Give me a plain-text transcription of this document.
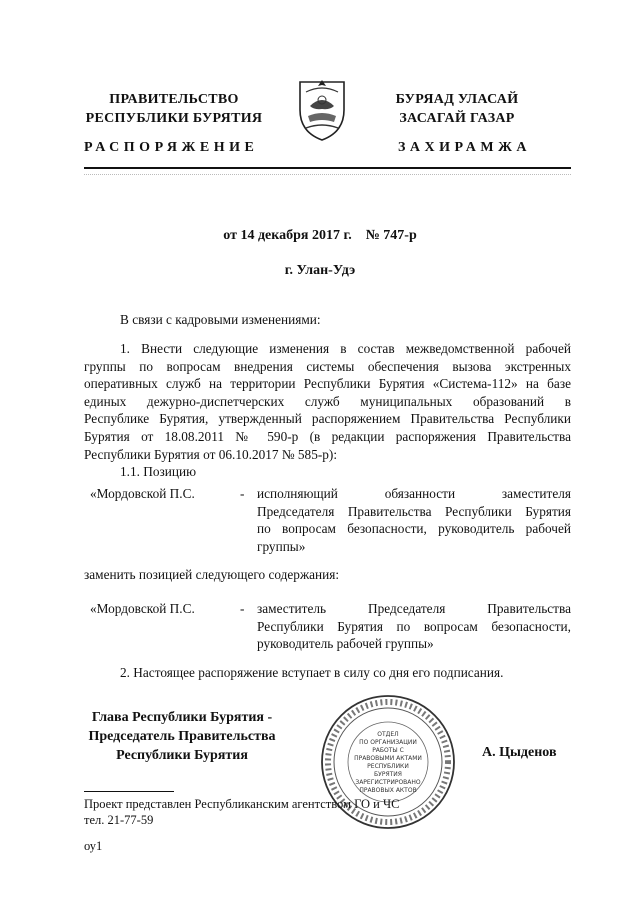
ПРАВИТЕЛЬСТВО
РЕСПУБЛИКИ БУРЯТИЯ
БУРЯАД УЛАСАЙ
ЗАСАГАЙ ГАЗАР
РАСПОРЯЖЕНИЕ	ЗАХИРАМЖА
от 14 декабря 2017 г.    № 747-р
г. Улан-Удэ
В связи с кадровыми изменениями:
1. Внести следующие изменения в состав межведомственной рабочей
группы по вопросам внедрения системы обеспечения вызова экстренных
оперативных служб на территории Республики Бурятия «Система-112» на базе
единых дежурно-диспетчерских служб муниципальных образований в
Республике Бурятия, утвержденный распоряжением Правительства Республики
Бурятия от 18.08.2011 № 590-р (в редакции распоряжения Правительства
Республики Бурятия от 06.10.2017 № 585-р):
1.1. Позицию
«Мордовской П.С.	- исполняющий обязанности заместителя
Председателя Правительства Республики Бурятия
по вопросам безопасности, руководитель рабочей
группы»
заменить позицией следующего содержания:
«Мордовской П.С.	- заместитель Председателя Правительства
Республики Бурятия по вопросам безопасности,
руководитель рабочей группы»
2. Настоящее распоряжение вступает в силу со дня его подписания.
Глава Республики Бурятия -
Председатель Правительства
Республики Бурятия	А. Цыденов
ОТДЕЛ
ПО ОРГАНИЗАЦИИ
РАБОТЫ С
ПРАВОВЫМИ АКТАМИ
РЕСПУБЛИКИ
БУРЯТИЯ
ЗАРЕГИСТРИРОВАНО
ПРАВОВЫХ АКТОВ
Проект представлен Республиканским агентством ГО и ЧС
тел. 21-77-59
оу1
